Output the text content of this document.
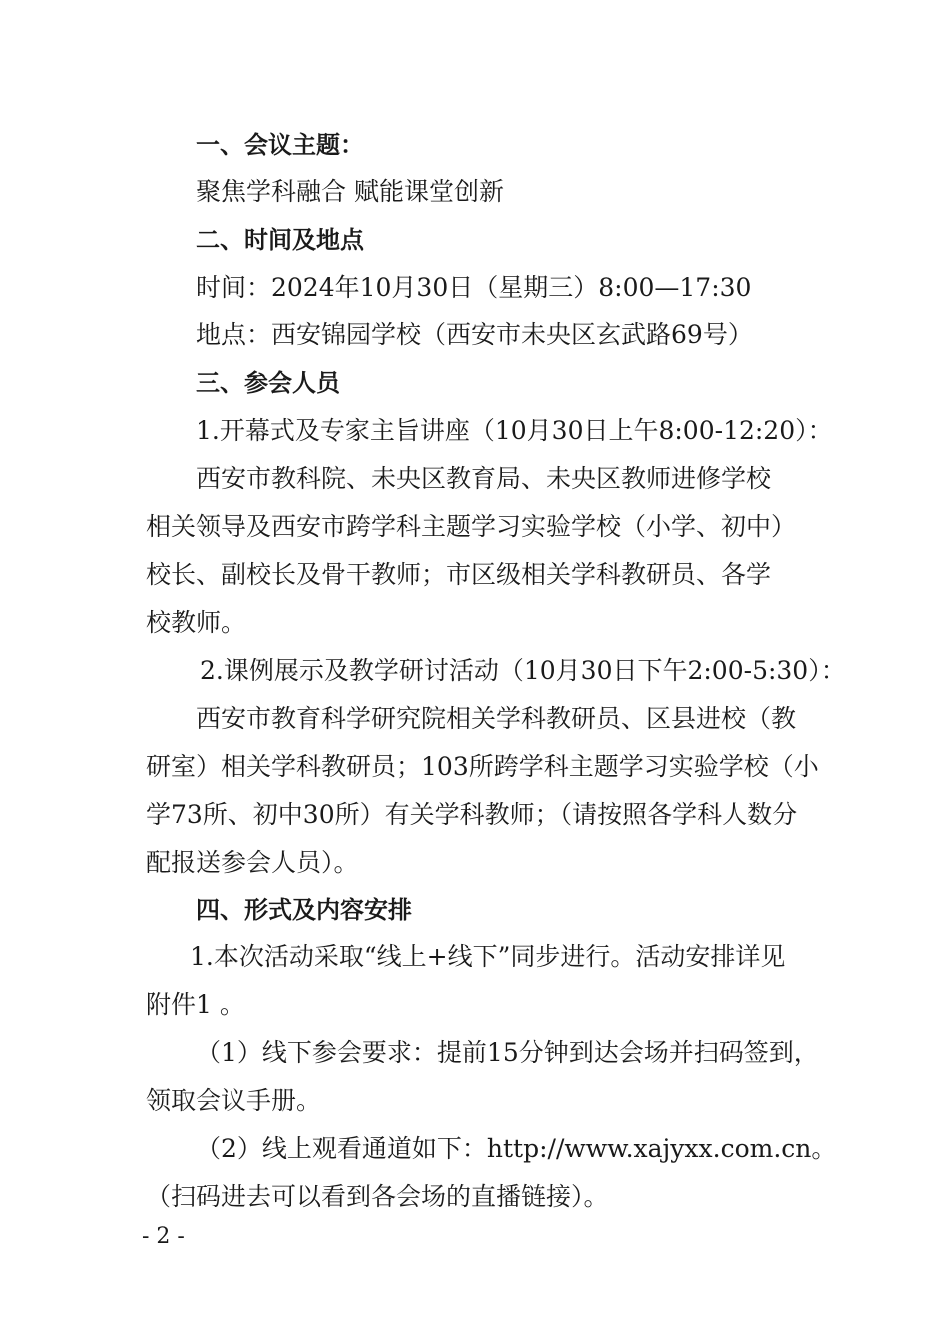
一、会议主题：
聚焦学科融合 赋能课堂创新
二、时间及地点
时间：2024年10月30日（星期三）8:00—17:30
地点：西安锦园学校（西安市未央区玄武路69号）
三、参会人员
1.开幕式及专家主旨讲座（10月30日上午8:00-12:20）：
西安市教科院、未央区教育局、未央区教师进修学校
相关领导及西安市跨学科主题学习实验学校（小学、初中）
校长、副校长及骨干教师；市区级相关学科教研员、各学
校教师。
2.课例展示及教学研讨活动（10月30日下午2:00-5:30）：
西安市教育科学研究院相关学科教研员、区县进校（教
研室）相关学科教研员；103所跨学科主题学习实验学校（小
学73所、初中30所）有关学科教师；（请按照各学科人数分
配报送参会人员）。
四、形式及内容安排
1.本次活动采取“线上+线下”同步进行。活动安排详见
附件1 。
（1）线下参会要求：提前15分钟到达会场并扫码签到，
领取会议手册。
（2）线上观看通道如下：http://www.xajyxx.com.cn。
（扫码进去可以看到各会场的直播链接）。
- 2 -
